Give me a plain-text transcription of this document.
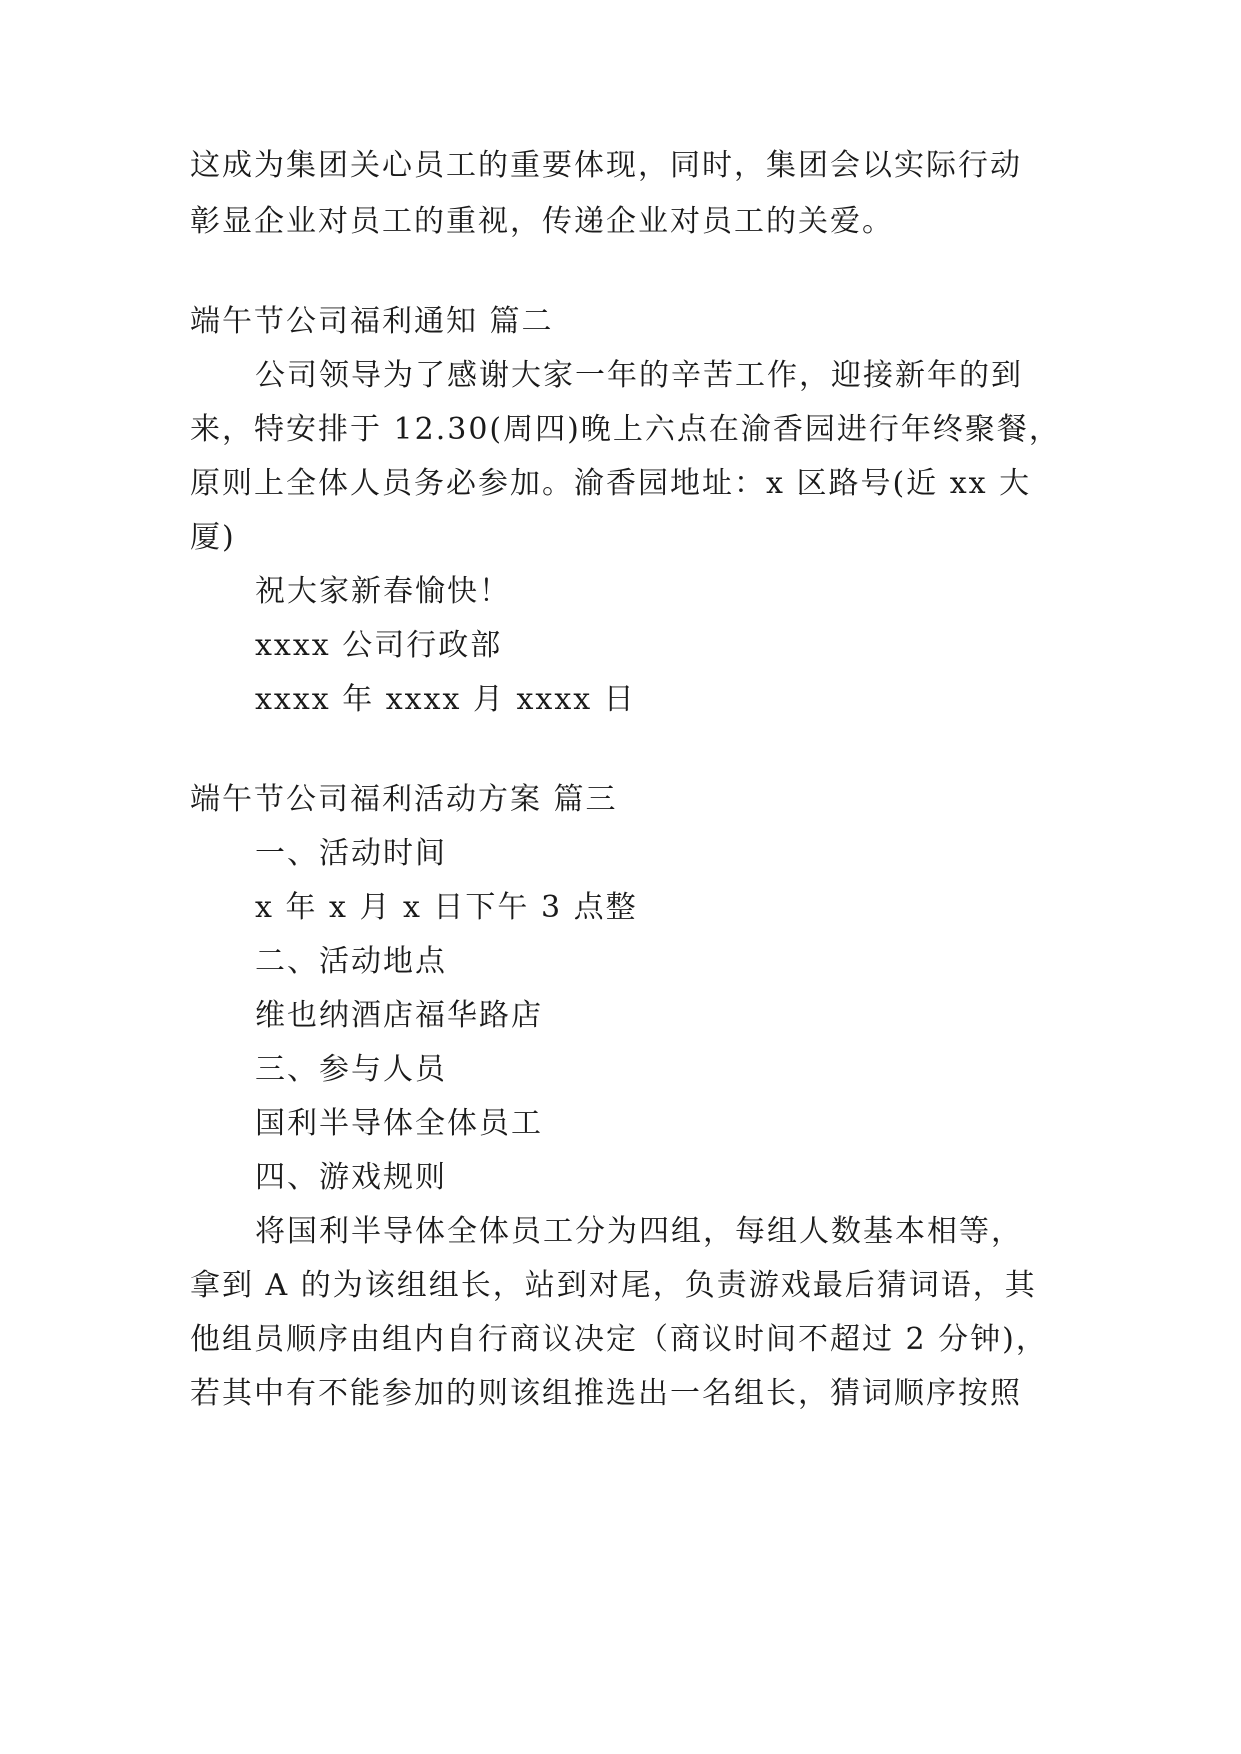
这成为集团关心员工的重要体现，同时，集团会以实际行动
彰显企业对员工的重视，传递企业对员工的关爱。
端午节公司福利通知 篇二
公司领导为了感谢大家一年的辛苦工作，迎接新年的到
来，特安排于 12.30(周四)晚上六点在渝香园进行年终聚餐，
原则上全体人员务必参加。渝香园地址：x 区路号(近 xx 大
厦)
祝大家新春愉快！
xxxx 公司行政部
xxxx 年 xxxx 月 xxxx 日
端午节公司福利活动方案 篇三
一、活动时间
x 年 x 月 x 日下午 3 点整
二、活动地点
维也纳酒店福华路店
三、参与人员
国利半导体全体员工
四、游戏规则
将国利半导体全体员工分为四组，每组人数基本相等，
拿到 A 的为该组组长，站到对尾，负责游戏最后猜词语，其
他组员顺序由组内自行商议决定（商议时间不超过 2 分钟)，
若其中有不能参加的则该组推选出一名组长，猜词顺序按照
